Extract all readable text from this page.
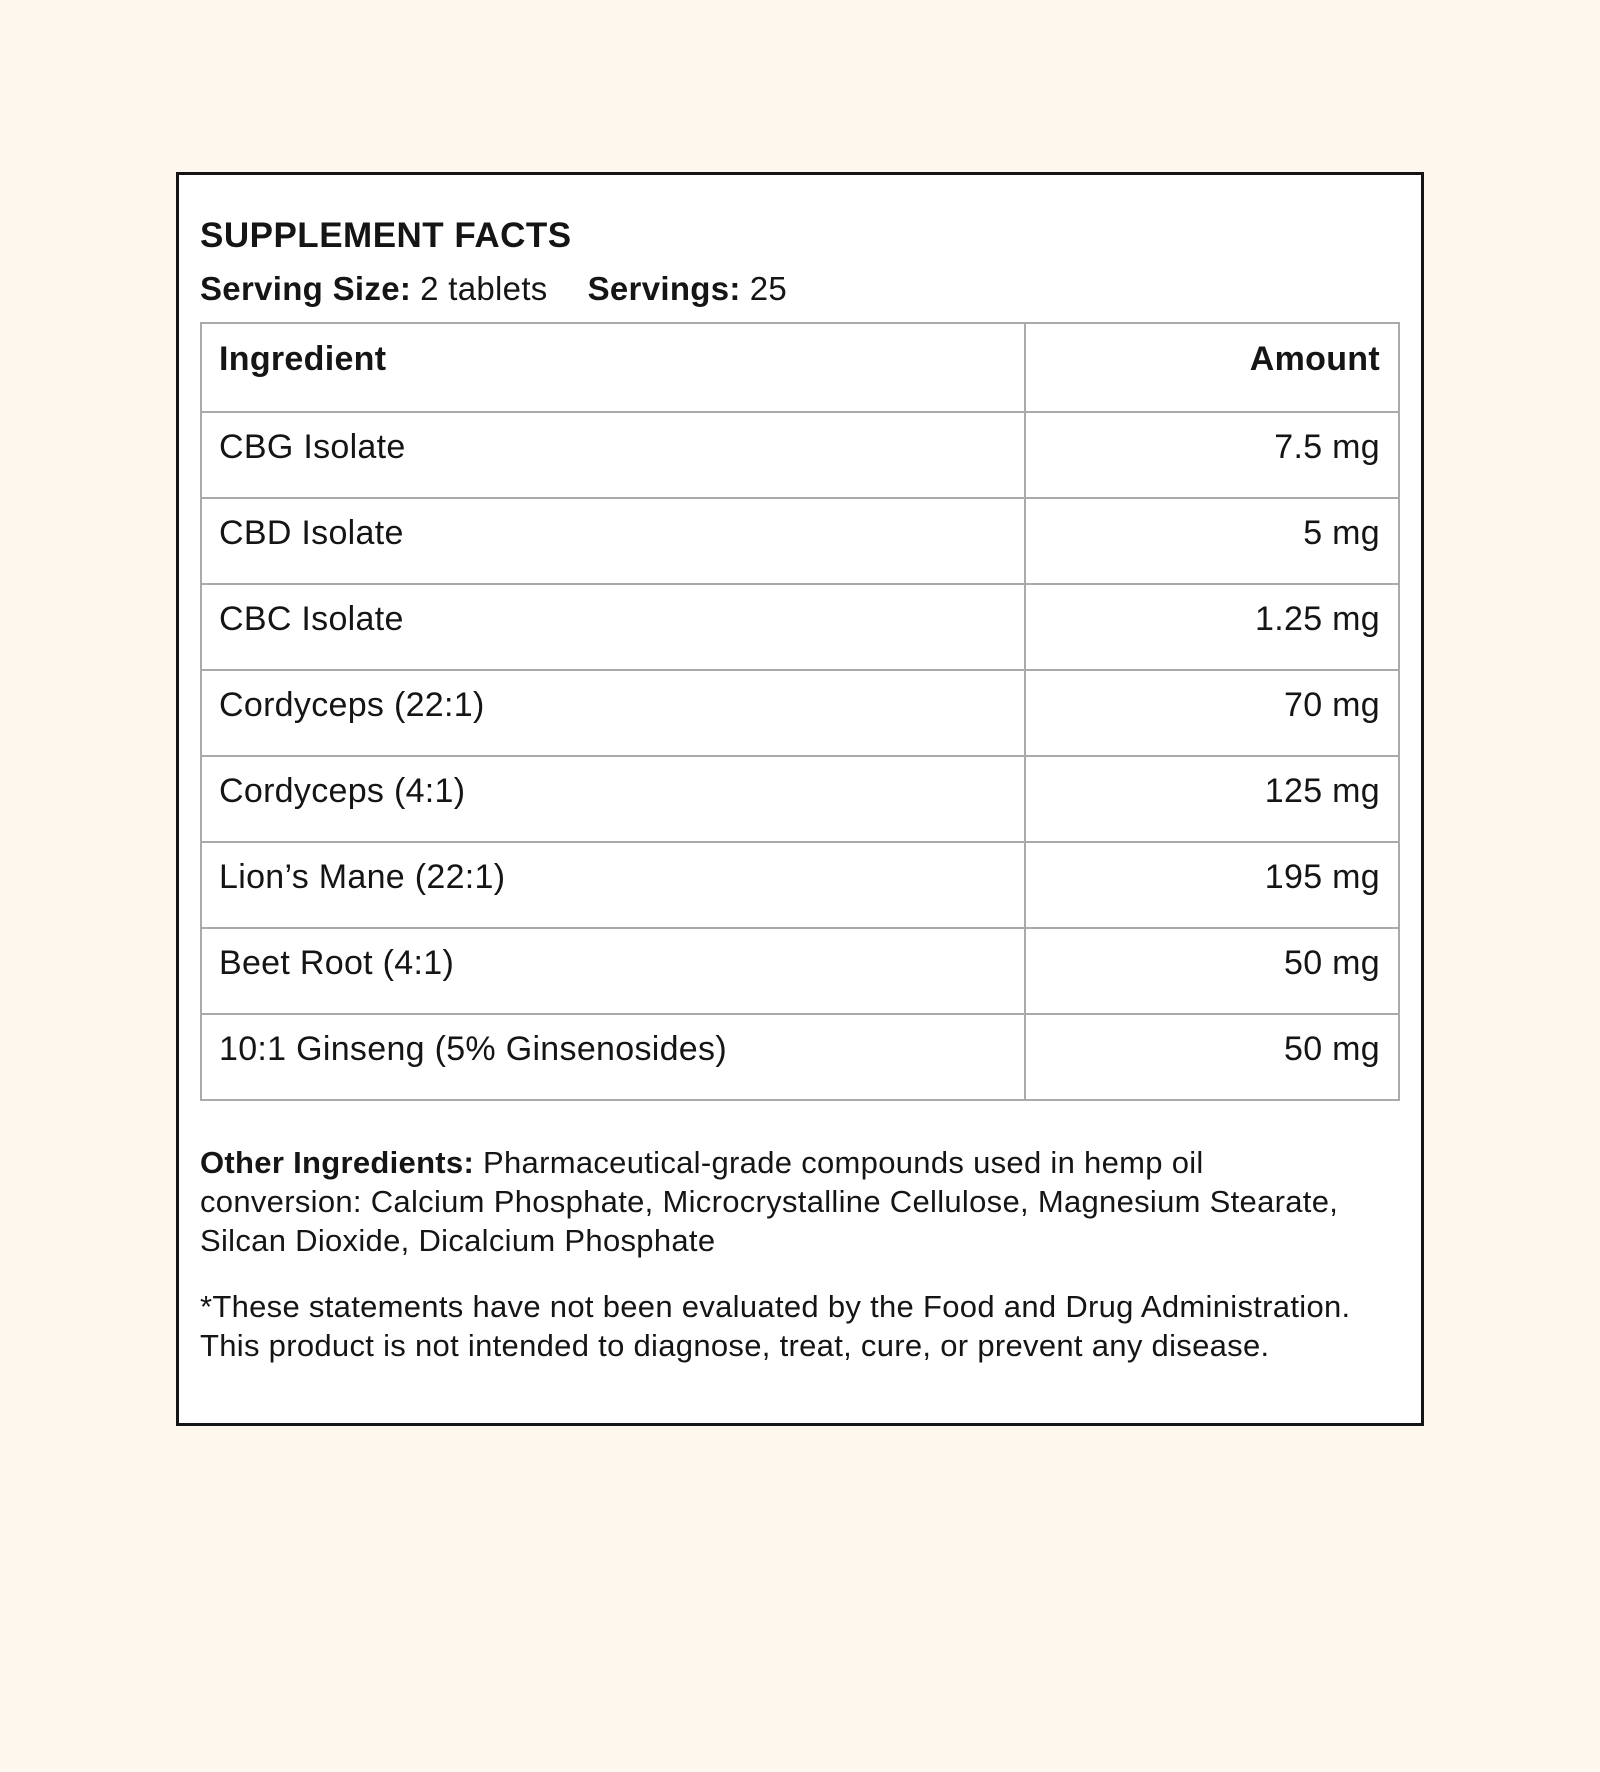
SUPPLEMENT FACTS
Serving Size: 2 tablets Servings: 25
Ingredient	Amount
CBG Isolate	7.5 mg
CBD Isolate	5 mg
CBC Isolate	1.25 mg
Cordyceps (22:1)	70 mg
Cordyceps (4:1)	125 mg
Lion’s Mane (22:1)	195 mg
Beet Root (4:1)	50 mg
10:1 Ginseng (5% Ginsenosides)	50 mg

Other Ingredients: Pharmaceutical-grade compounds used in hemp oil
conversion: Calcium Phosphate, Microcrystalline Cellulose, Magnesium Stearate,
Silcan Dioxide, Dicalcium Phosphate

*These statements have not been evaluated by the Food and Drug Administration.
This product is not intended to diagnose, treat, cure, or prevent any disease.
